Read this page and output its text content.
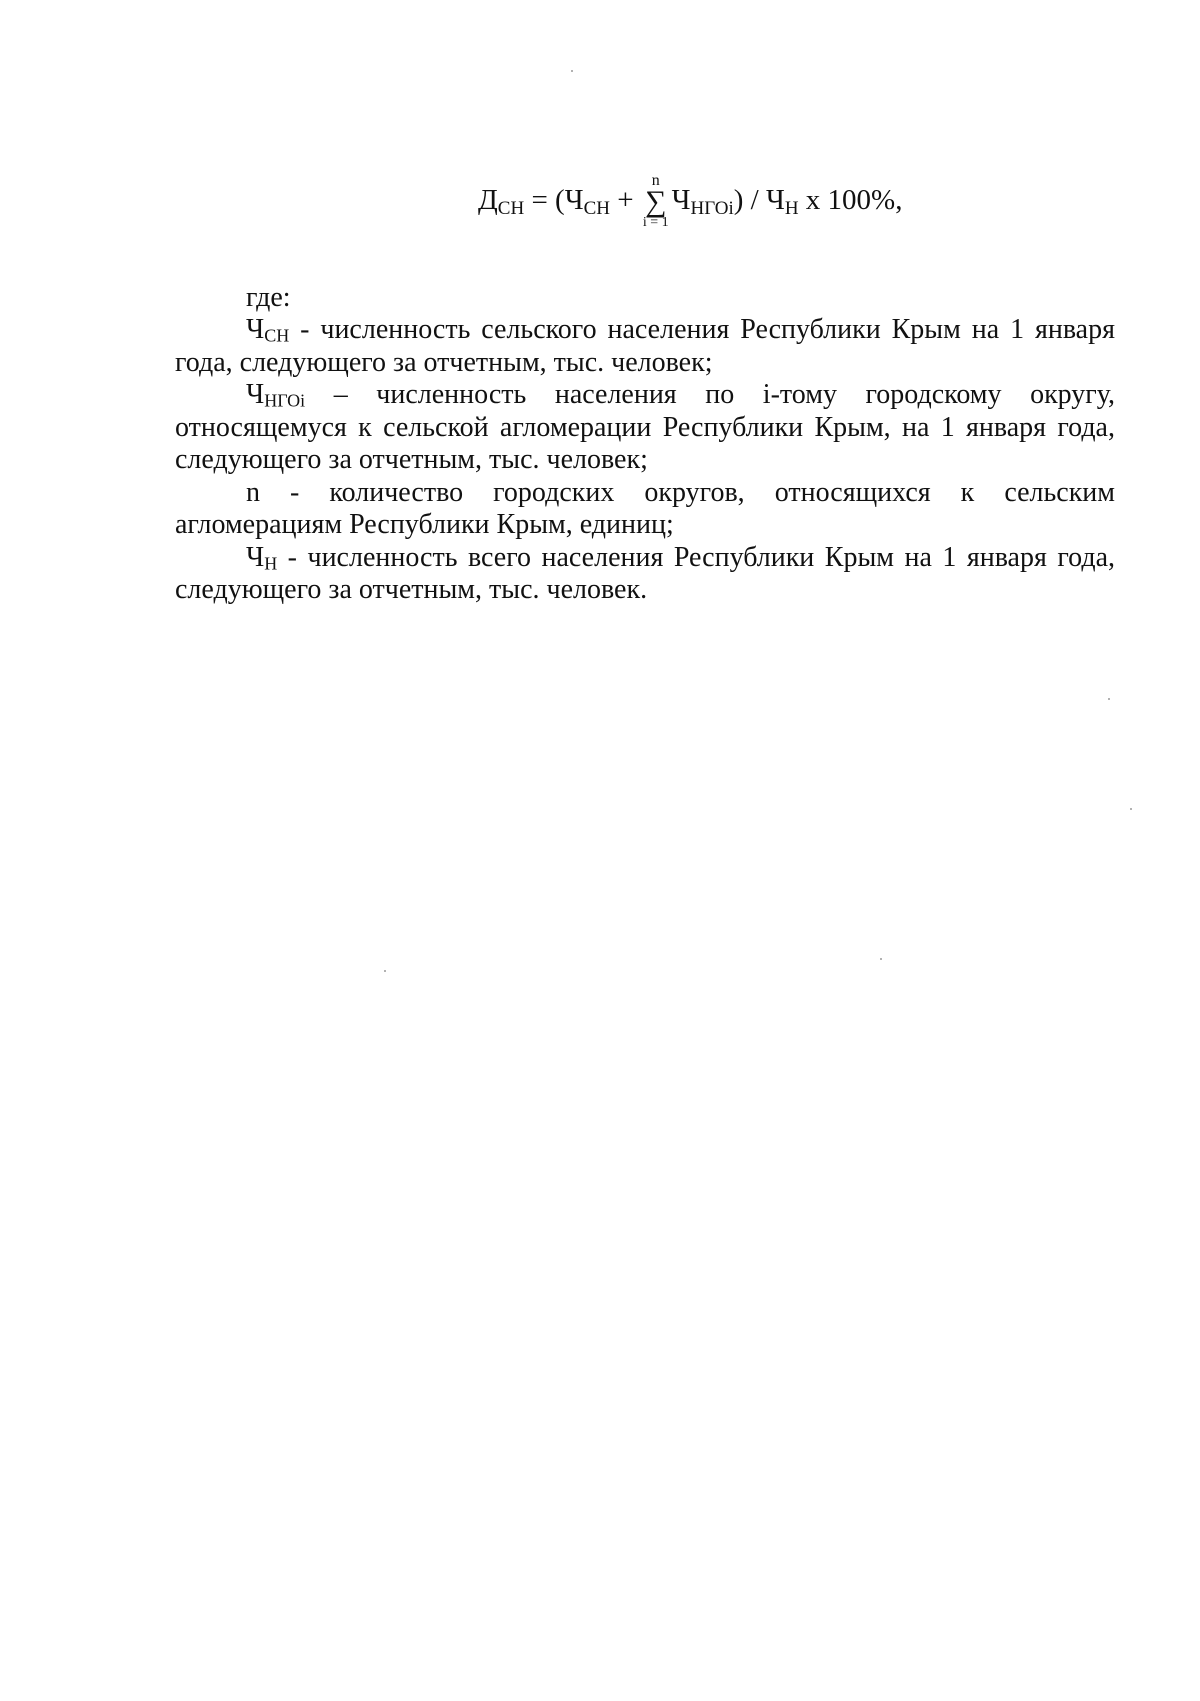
$Д_{СН}$ = ( $Ч_{СН}$ +
n
∑
i = 1
$Ч_{НГОi}$ ) / $Ч_Н$ х 100%,
где:

$Ч_{СН}$ - численность сельского населения Республики Крым на 1 января года, следующего за отчетным, тыс. человек;

$Ч_{НГОi}$ – численность населения по i-тому городскому округу, относящемуся к сельской агломерации Республики Крым, на 1 января года, следующего за отчетным, тыс. человек;

n - количество городских округов, относящихся к сельским агломерациям Республики Крым, единиц;

$Ч_Н$ - численность всего населения Республики Крым на 1 января года, следующего за отчетным, тыс. человек.
